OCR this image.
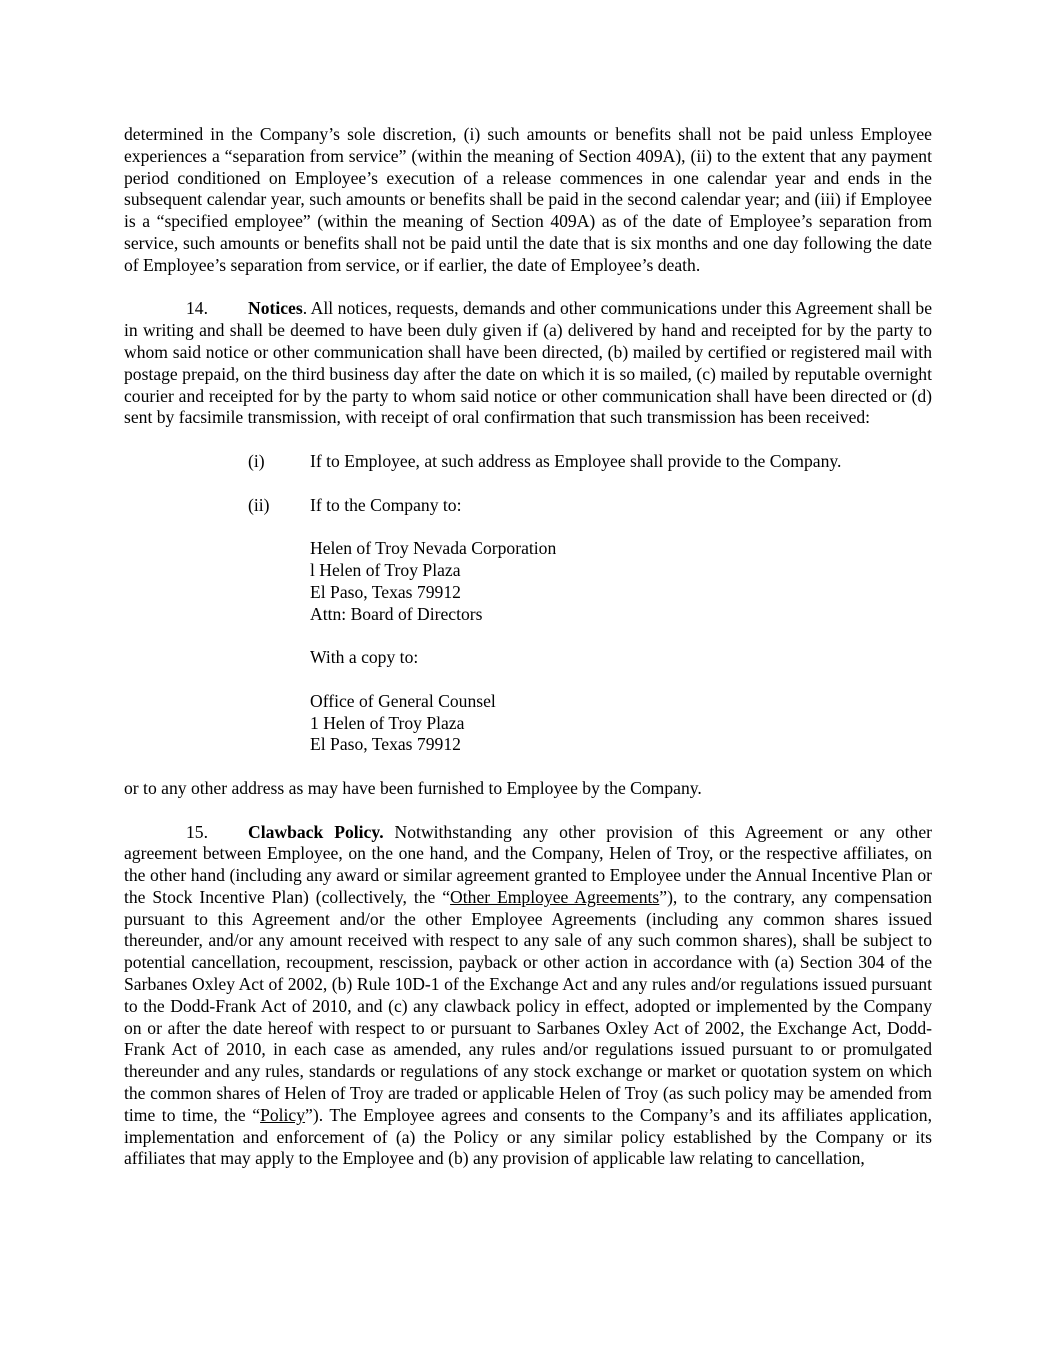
determined in the Company’s sole discretion, (i) such amounts or benefits shall not be paid unless Employee experiences a “separation from service” (within the meaning of Section 409A), (ii) to the extent that any payment period conditioned on Employee’s execution of a release commences in one calendar year and ends in the subsequent calendar year, such amounts or benefits shall be paid in the second calendar year; and (iii) if Employee is a “specified employee” (within the meaning of Section 409A) as of the date of Employee’s separation from service, such amounts or benefits shall not be paid until the date that is six months and one day following the date of Employee’s separation from service, or if earlier, the date of Employee’s death.

14. Notices. All notices, requests, demands and other communications under this Agreement shall be in writing and shall be deemed to have been duly given if (a) delivered by hand and receipted for by the party to whom said notice or other communication shall have been directed, (b) mailed by certified or registered mail with postage prepaid, on the third business day after the date on which it is so mailed, (c) mailed by reputable overnight courier and receipted for by the party to whom said notice or other communication shall have been directed or (d) sent by facsimile transmission, with receipt of oral confirmation that such transmission has been received:

(i)	If to Employee, at such address as Employee shall provide to the Company.
(ii) If to the Company to:
Helen of Troy Nevada Corporation
l Helen of Troy Plaza
El Paso, Texas 79912
Attn: Board of Directors
With a copy to:
Office of General Counsel
1 Helen of Troy Plaza
El Paso, Texas 79912

or to any other address as may have been furnished to Employee by the Company.

15. Clawback Policy. Notwithstanding any other provision of this Agreement or any other agreement between Employee, on the one hand, and the Company, Helen of Troy, or the respective affiliates, on the other hand (including any award or similar agreement granted to Employee under the Annual Incentive Plan or the Stock Incentive Plan) (collectively, the “Other Employee Agreements”), to the contrary, any compensation pursuant to this Agreement and/or the other Employee Agreements (including any common shares issued thereunder, and/or any amount received with respect to any sale of any such common shares), shall be subject to potential cancellation, recoupment, rescission, payback or other action in accordance with (a) Section 304 of the Sarbanes Oxley Act of 2002, (b) Rule 10D-1 of the Exchange Act and any rules and/or regulations issued pursuant to the Dodd-Frank Act of 2010, and (c) any clawback policy in effect, adopted or implemented by the Company on or after the date hereof with respect to or pursuant to Sarbanes Oxley Act of 2002, the Exchange Act, Dodd-Frank Act of 2010, in each case as amended, any rules and/or regulations issued pursuant to or promulgated thereunder and any rules, standards or regulations of any stock exchange or market or quotation system on which the common shares of Helen of Troy are traded or applicable Helen of Troy (as such policy may be amended from time to time, the “Policy”). The Employee agrees and consents to the Company’s and its affiliates application, implementation and enforcement of (a) the Policy or any similar policy established by the Company or its affiliates that may apply to the Employee and (b) any provision of applicable law relating to cancellation,
